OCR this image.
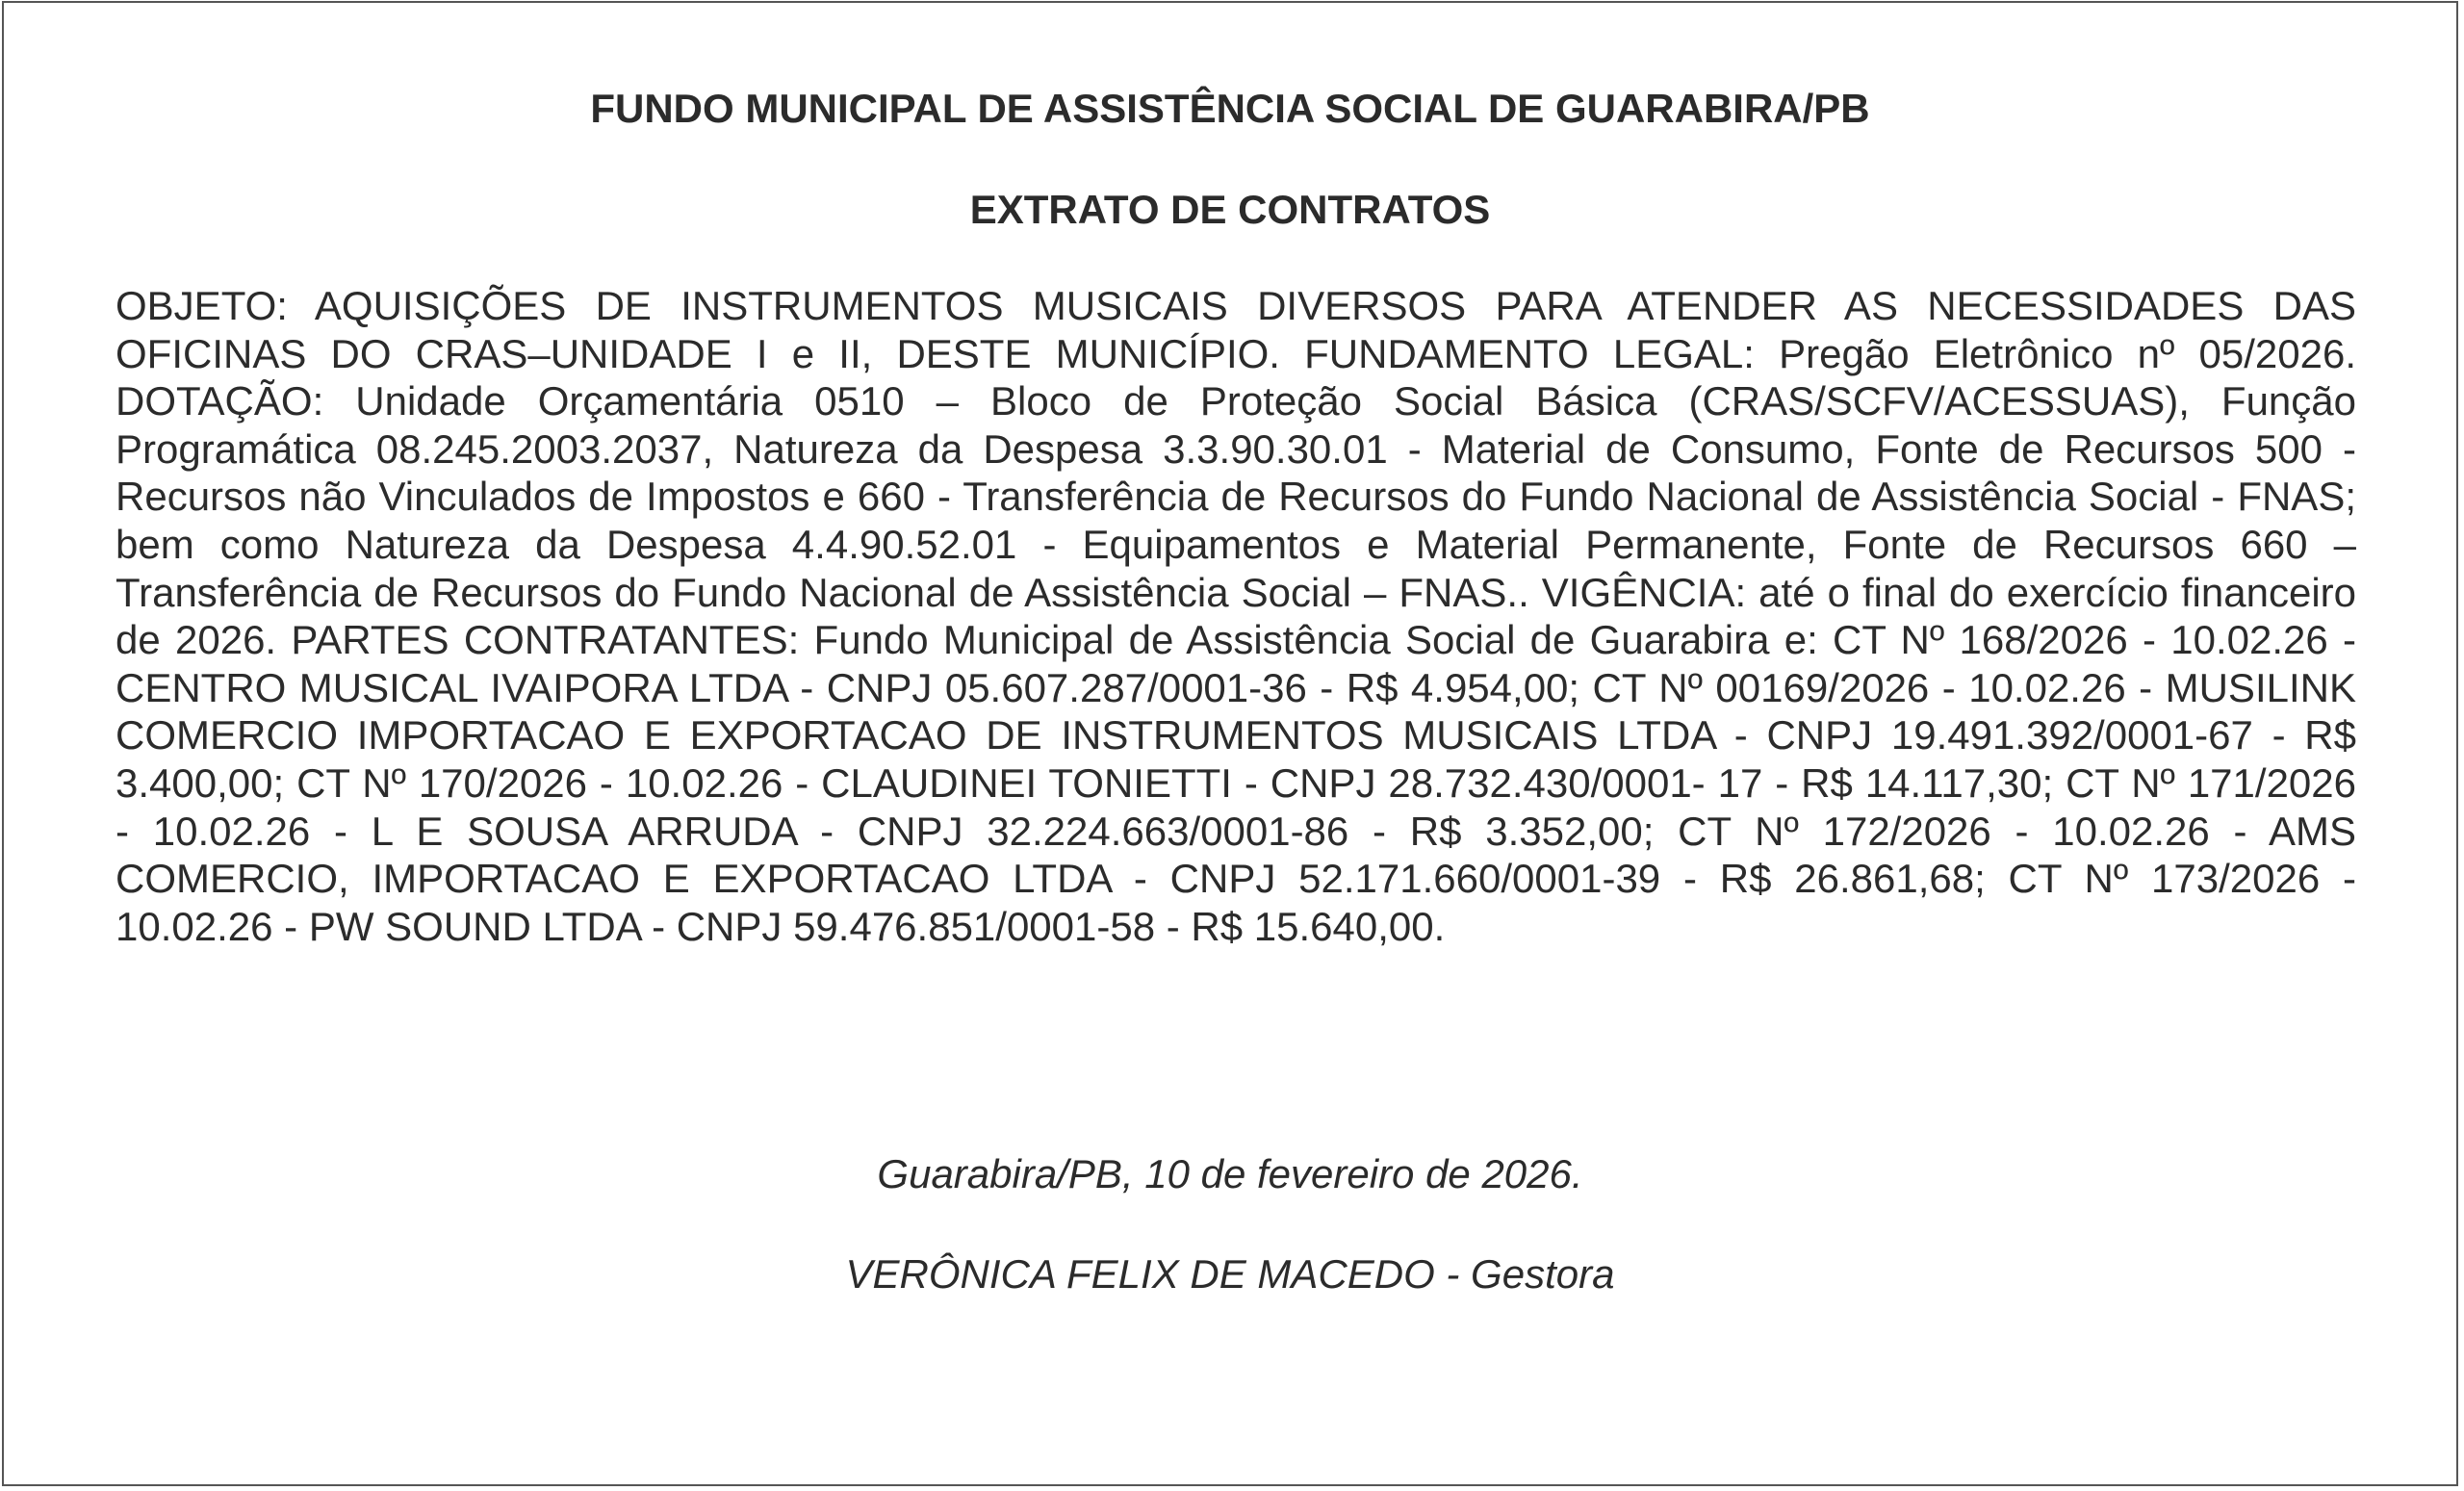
FUNDO MUNICIPAL DE ASSISTÊNCIA SOCIAL DE GUARABIRA/PB
EXTRATO DE CONTRATOS

OBJETO: AQUISIÇÕES DE INSTRUMENTOS MUSICAIS DIVERSOS PARA ATENDER AS NECESSIDADES DAS OFICINAS DO CRAS–UNIDADE I e II, DESTE MUNICÍPIO. FUNDAMENTO LEGAL: Pregão Eletrônico nº 05/2026. DOTAÇÃO: Unidade Orçamentária 0510 – Bloco de Proteção Social Básica (CRAS/SCFV/ACESSUAS), Função Programática 08.245.2003.2037, Natureza da Despesa 3.3.90.30.01 - Material de Consumo, Fonte de Recursos 500 - Recursos não Vinculados de Impostos e 660 - Transferência de Recursos do Fundo Nacional de Assistência Social - FNAS; bem como Natureza da Despesa 4.4.90.52.01 - Equipamentos e Material Permanente, Fonte de Recursos 660 – Transferência de Recursos do Fundo Nacional de Assistência Social – FNAS.. VIGÊNCIA: até o final do exercício financeiro de 2026. PARTES CONTRATANTES: Fundo Municipal de Assistência Social de Guarabira e: CT Nº 168/2026 - 10.02.26 - CENTRO MUSICAL IVAIPORA LTDA - CNPJ 05.607.287/0001-36 - R$ 4.954,00; CT Nº 00169/2026 - 10.02.26 - MUSILINK COMERCIO IMPORTACAO E EXPORTACAO DE INSTRUMENTOS MUSICAIS LTDA - CNPJ 19.491.392/0001-67 - R$ 3.400,00; CT Nº 170/2026 - 10.02.26 - CLAUDINEI TONIETTI - CNPJ 28.732.430/0001- 17 - R$ 14.117,30; CT Nº 171/2026 - 10.02.26 - L E SOUSA ARRUDA - CNPJ 32.224.663/0001-86 - R$ 3.352,00; CT Nº 172/2026 - 10.02.26 - AMS COMERCIO, IMPORTACAO E EXPORTACAO LTDA - CNPJ 52.171.660/0001-39 - R$ 26.861,68; CT Nº 173/2026 - 10.02.26 - PW SOUND LTDA - CNPJ 59.476.851/0001-58 - R$ 15.640,00.

Guarabira/PB, 10 de fevereiro de 2026.

VERÔNICA FELIX DE MACEDO - Gestora
